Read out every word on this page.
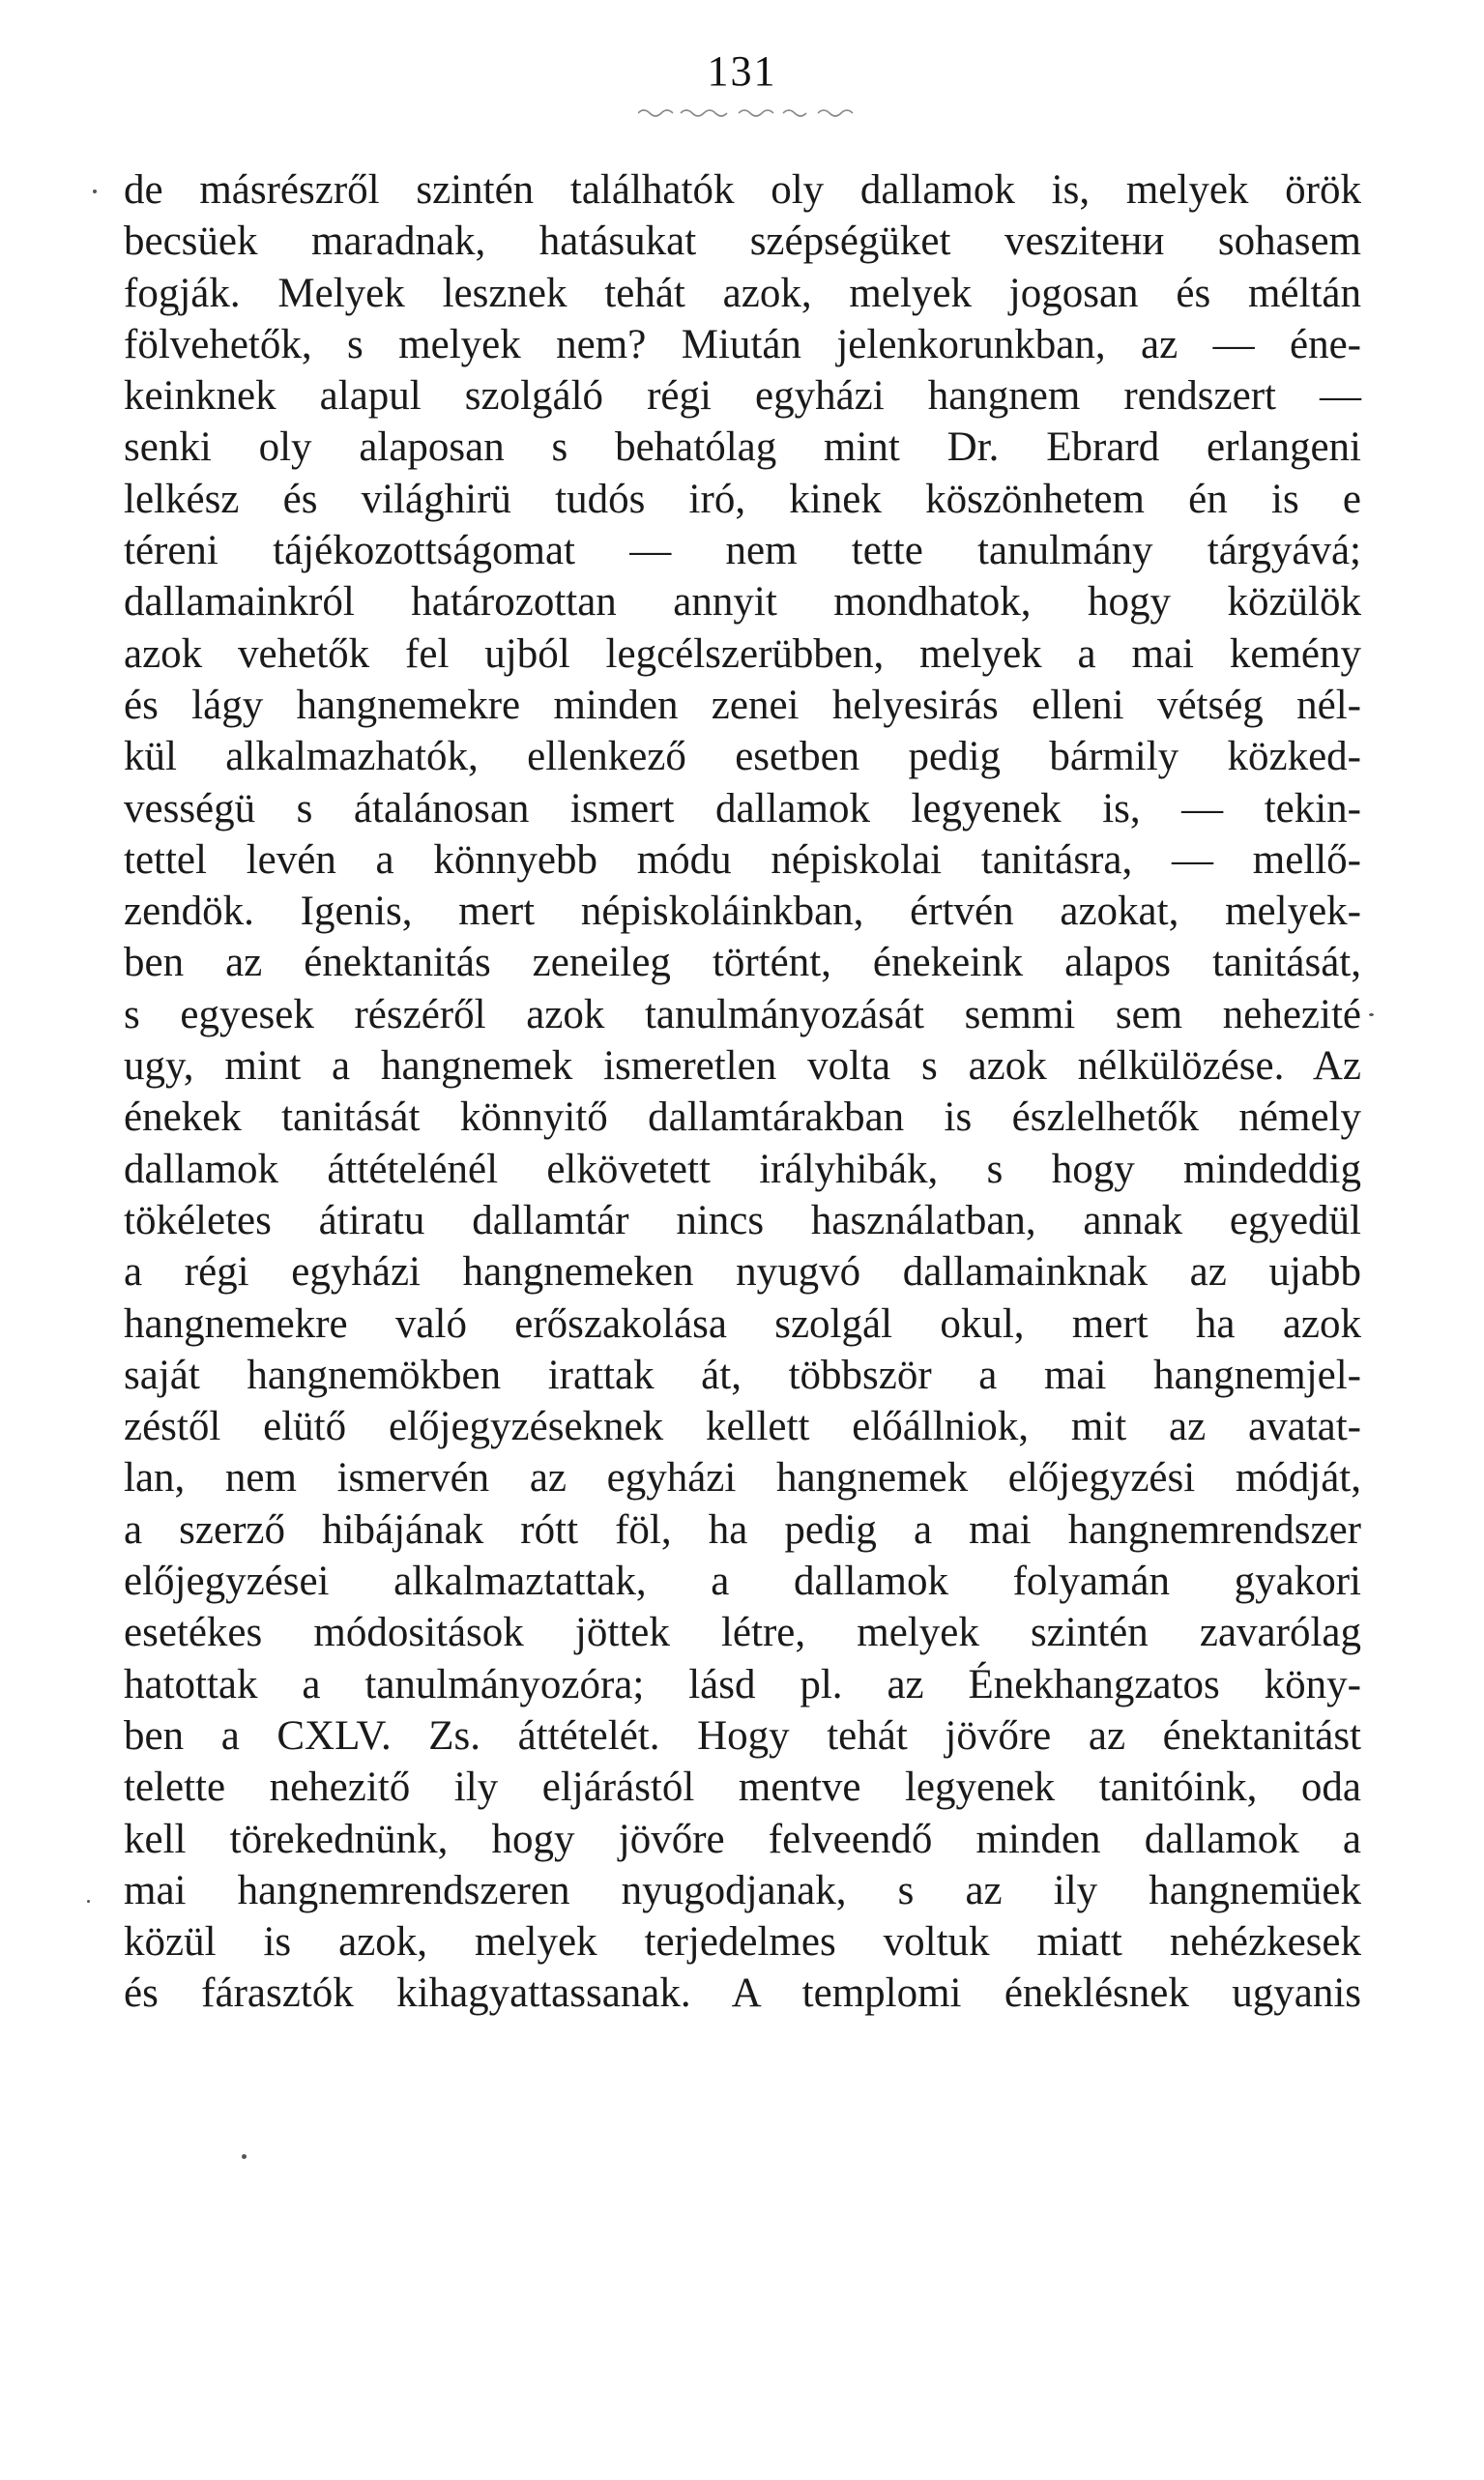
131
de másrészről szintén találhatók oly dallamok is, melyek örök
becsüek maradnak, hatásukat szépségüket veszitени sohasem
fogják. Melyek lesznek tehát azok, melyek jogosan és méltán
fölvehetők, s melyek nem? Miután jelenkorunkban, az — éne-
keinknek alapul szolgáló régi egyházi hangnem rendszert —
senki oly alaposan s behatólag mint Dr. Ebrard erlangeni
lelkész és világhirü tudós iró, kinek köszönhetem én is e
téreni tájékozottságomat — nem tette tanulmány tárgyává;
dallamainkról határozottan annyit mondhatok, hogy közülök
azok vehetők fel ujból legcélszerübben, melyek a mai kemény
és lágy hangnemekre minden zenei helyesirás elleni vétség nél-
kül alkalmazhatók, ellenkező esetben pedig bármily közked-
vességü s átalánosan ismert dallamok legyenek is, — tekin-
tettel levén a könnyebb módu népiskolai tanitásra, — mellő-
zendök. Igenis, mert népiskoláinkban, értvén azokat, melyek-
ben az énektanitás zeneileg történt, énekeink alapos tanitását,
s egyesek részéről azok tanulmányozását semmi sem nehezité
ugy, mint a hangnemek ismeretlen volta s azok nélkülözése. Az
énekek tanitását könnyitő dallamtárakban is észlelhetők némely
dallamok áttételénél elkövetett irályhibák, s hogy mindeddig
tökéletes átiratu dallamtár nincs használatban, annak egyedül
a régi egyházi hangnemeken nyugvó dallamainknak az ujabb
hangnemekre való erőszakolása szolgál okul, mert ha azok
saját hangnemökben irattak át, többször a mai hangnemjel-
zéstől elütő előjegyzéseknek kellett előállniok, mit az avatat-
lan, nem ismervén az egyházi hangnemek előjegyzési módját,
a szerző hibájának rótt föl, ha pedig a mai hangnemrendszer
előjegyzései alkalmaztattak, a dallamok folyamán gyakori
esetékes módositások jöttek létre, melyek szintén zavarólag
hatottak a tanulmányozóra; lásd pl. az Énekhangzatos köny-
ben a CXLV. Zs. áttételét. Hogy tehát jövőre az énektanitást
telette nehezitő ily eljárástól mentve legyenek tanitóink, oda
kell törekednünk, hogy jövőre felveendő minden dallamok a
mai hangnemrendszeren nyugodjanak, s az ily hangnemüek
közül is azok, melyek terjedelmes voltuk miatt nehézkesek
és fárasztók kihagyattassanak. A templomi éneklésnek ugyanis
